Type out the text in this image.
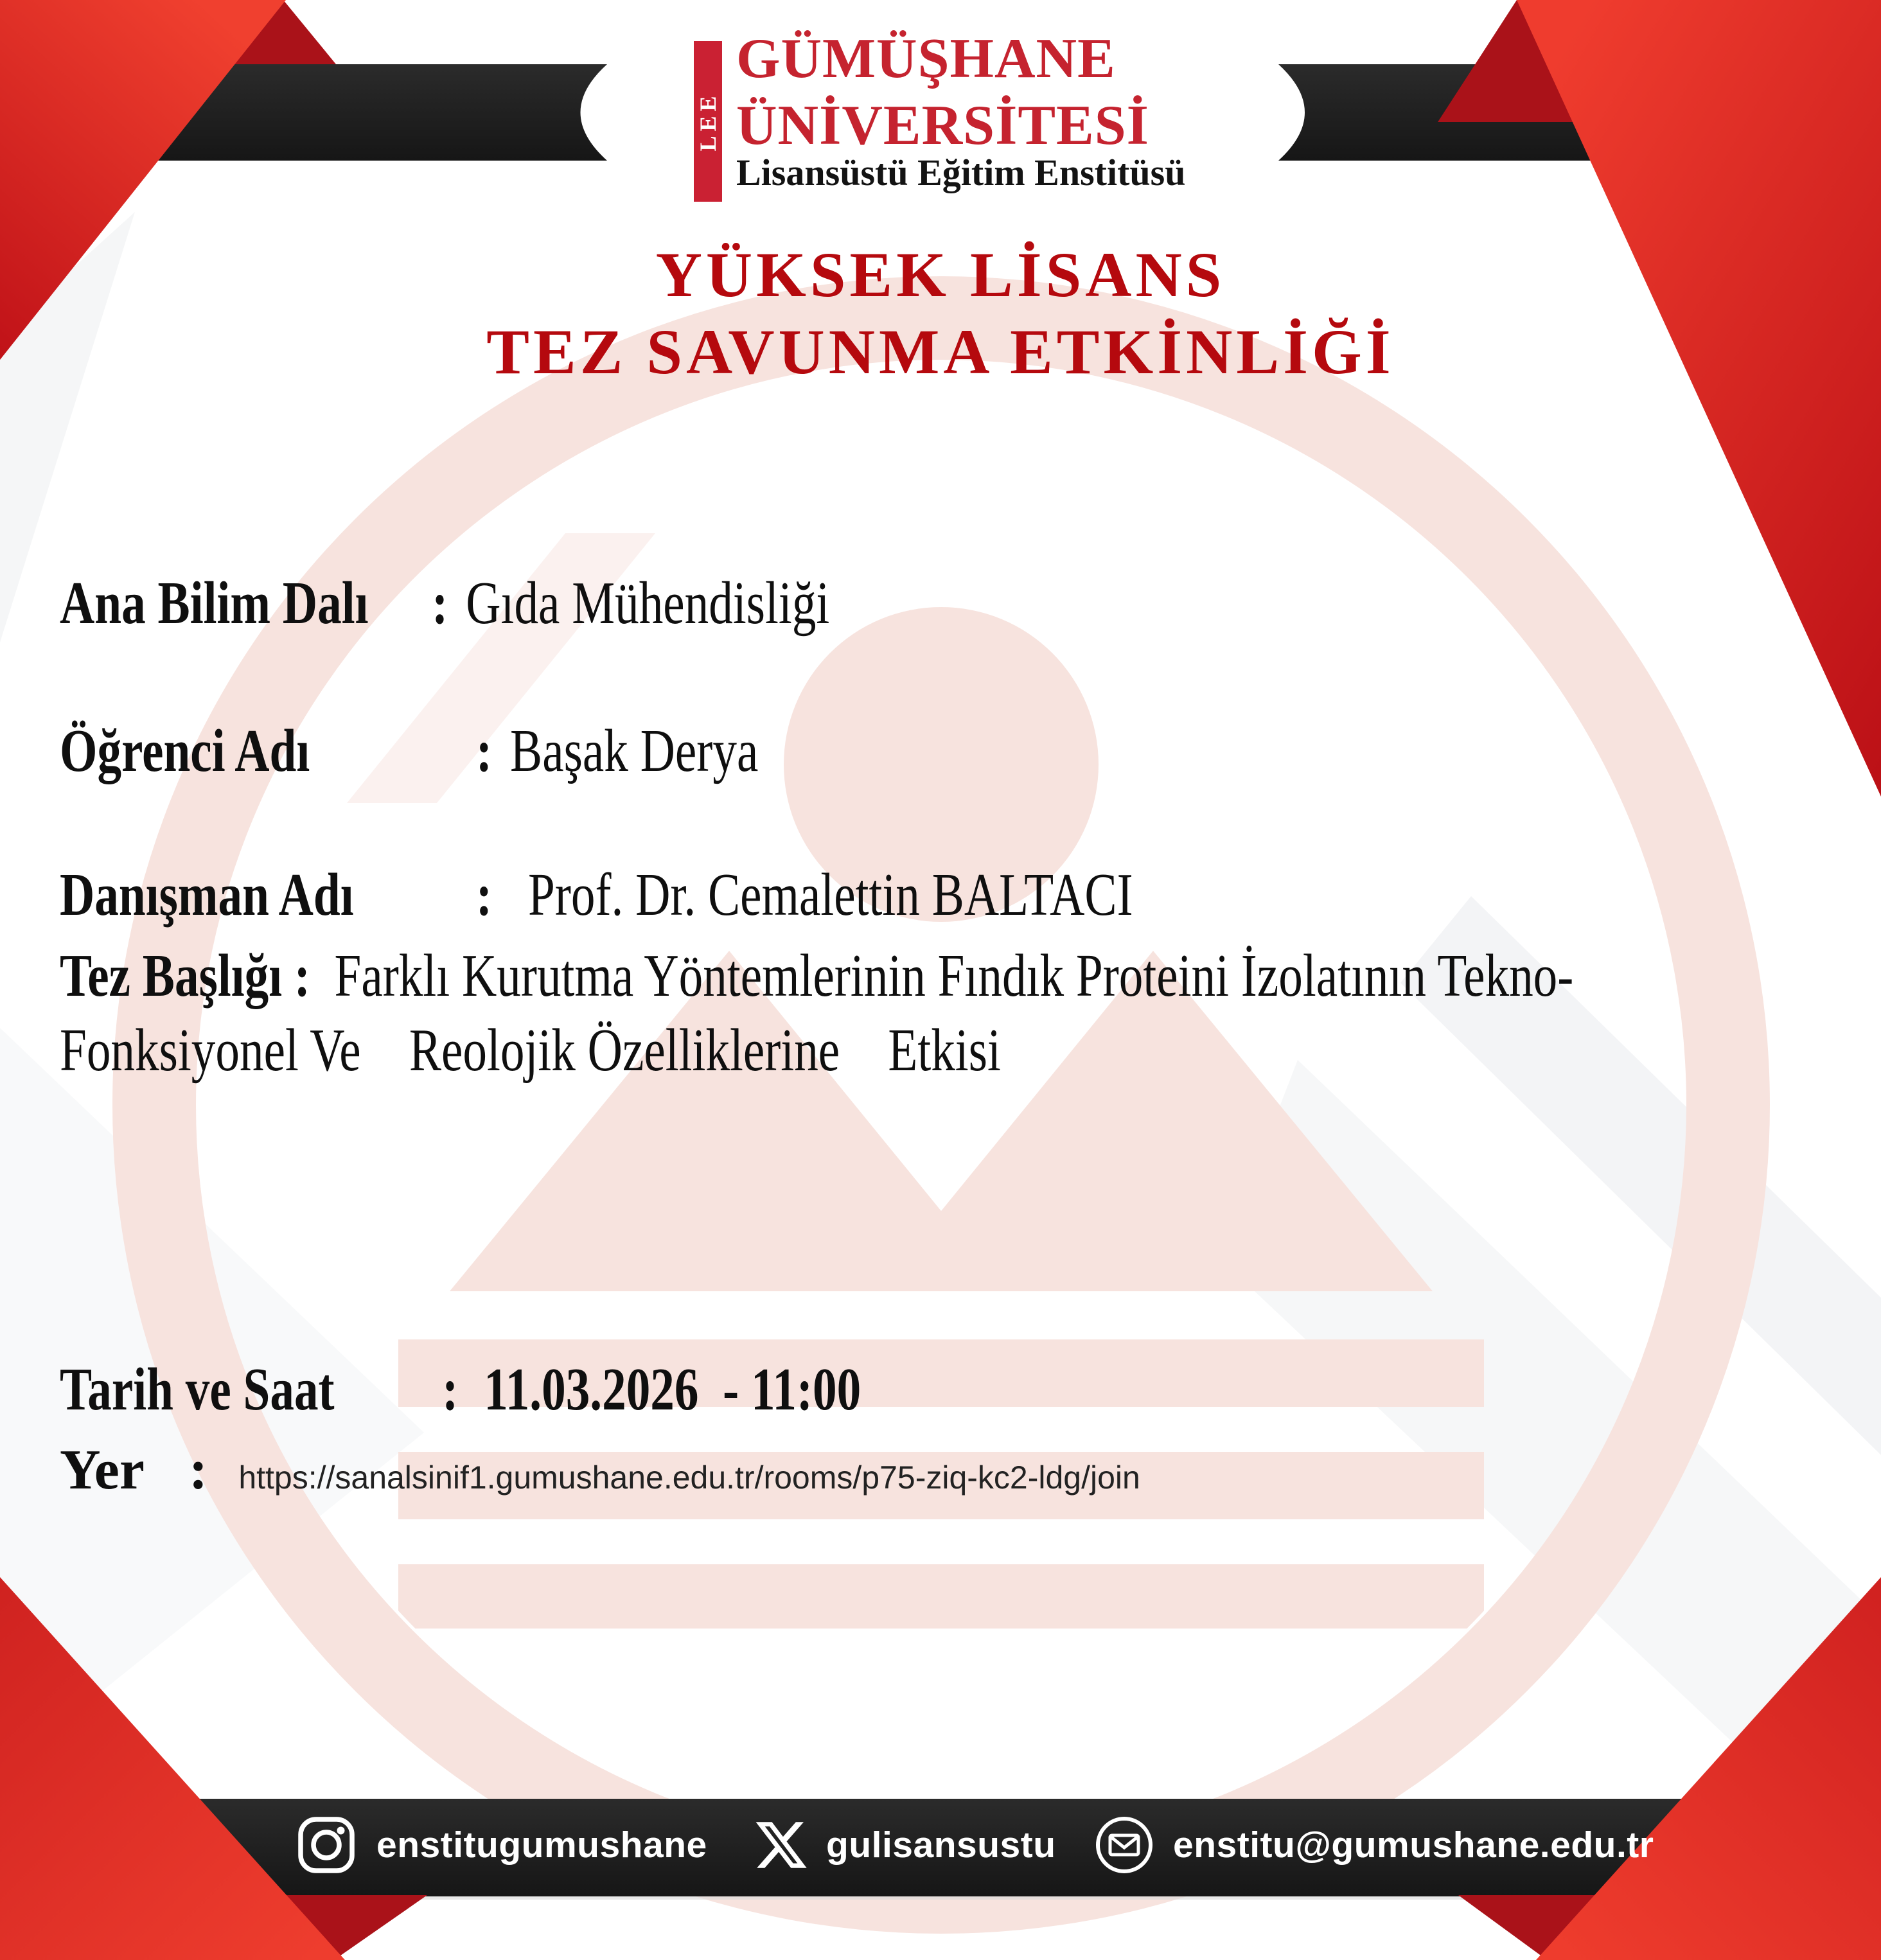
LEE
GÜMÜŞHANE
ÜNİVERSİTESİ
Lisansüstü Eğitim Enstitüsü
YÜKSEK LİSANS
TEZ SAVUNMA ETKİNLİĞİ
Ana Bilim Dalı	: Gıda Mühendisliği
Öğrenci Adı	: Başak Derya
Danışman Adı	: Prof. Dr. Cemalettin BALTACI
Tez Başlığı : Farklı Kurutma Yöntemlerinin Fındık Proteini İzolatının Tekno-
Fonksiyonel Ve    Reolojik Özelliklerine    Etkisi
Tarih ve Saat	: 11.03.2026  - 11:00
Yer : https://sanalsinif1.gumushane.edu.tr/rooms/p75-ziq-kc2-ldg/join
enstitugumushane	gulisansustu	enstitu@gumushane.edu.tr
